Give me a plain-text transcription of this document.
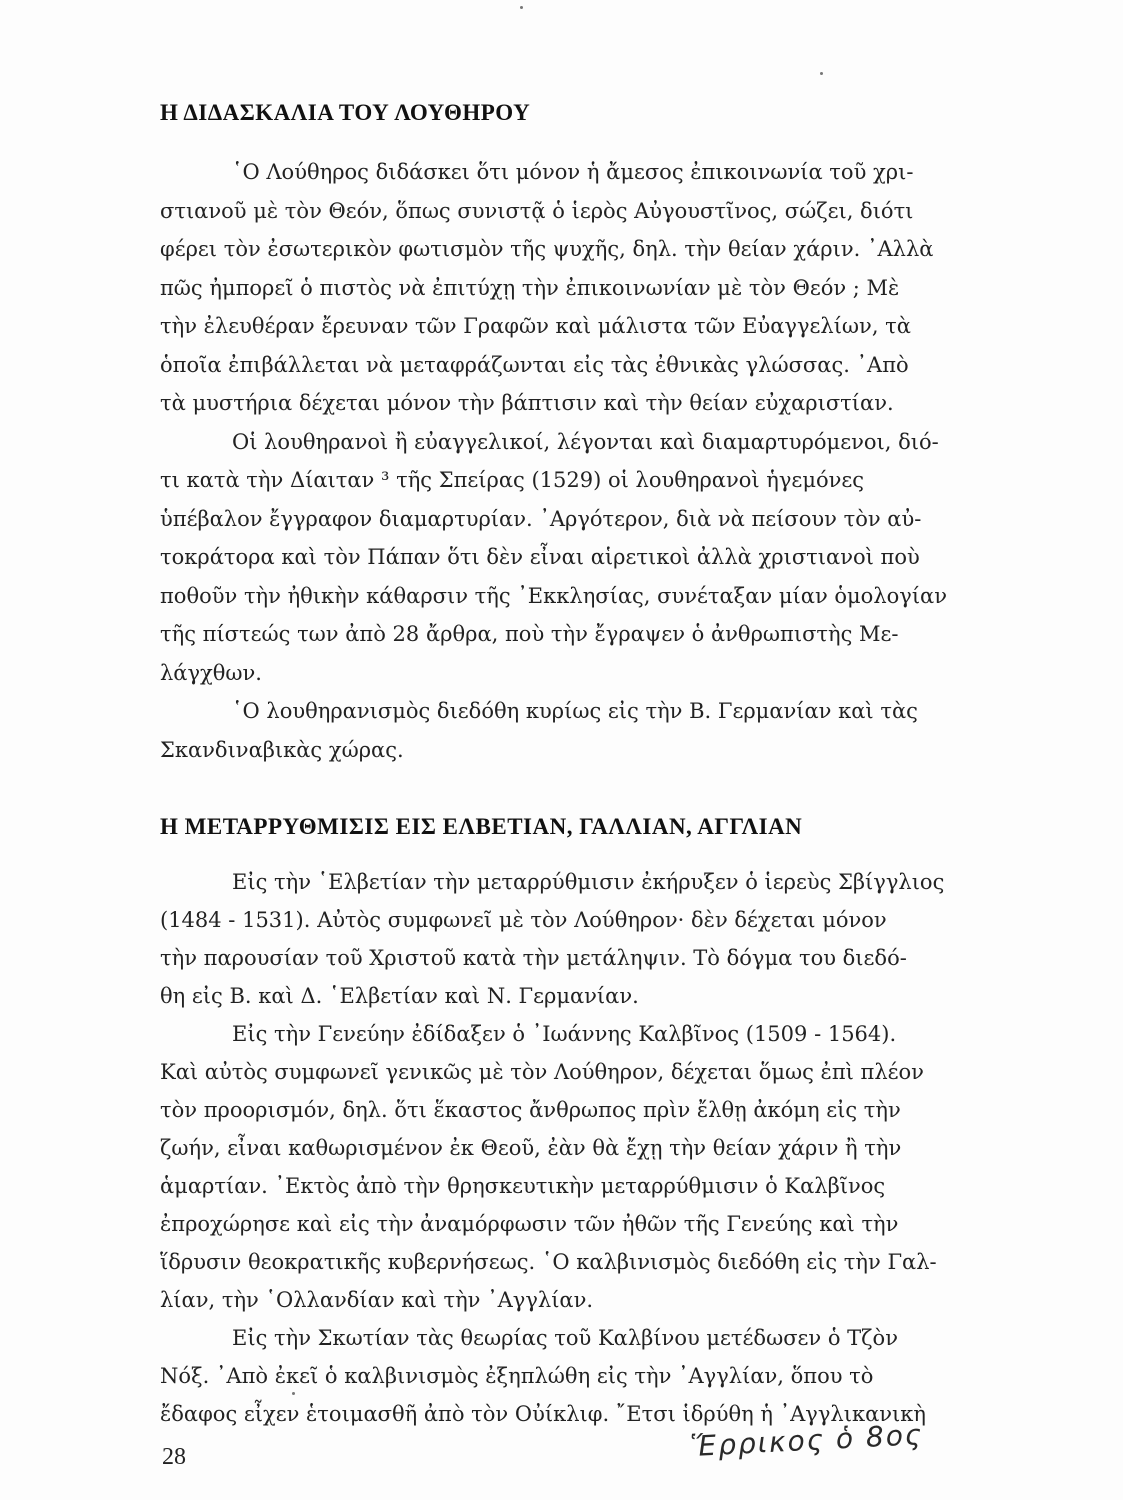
Η ΔΙΔΑΣΚΑΛΙΑ ΤΟΥ ΛΟΥΘΗΡΟΥ
῾Ο Λούθηρος διδάσκει ὅτι μόνον ἡ ἄμεσος ἐπικοινωνία τοῦ χρι-
στιανοῦ μὲ τὸν Θεόν, ὅπως συνιστᾷ ὁ ἱερὸς Αὐγουστῖνος, σώζει, διότι
φέρει τὸν ἐσωτερικὸν φωτισμὸν τῆς ψυχῆς, δηλ. τὴν θείαν χάριν. ᾿Αλλὰ
πῶς ἠμπορεῖ ὁ πιστὸς νὰ ἐπιτύχῃ τὴν ἐπικοινωνίαν μὲ τὸν Θεόν ; Μὲ
τὴν ἐλευθέραν ἔρευναν τῶν Γραφῶν καὶ μάλιστα τῶν Εὐαγγελίων, τὰ
ὁποῖα ἐπιβάλλεται νὰ μεταφράζωνται εἰς τὰς ἐθνικὰς γλώσσας. ᾿Απὸ
τὰ μυστήρια δέχεται μόνον τὴν βάπτισιν καὶ τὴν θείαν εὐχαριστίαν.
Οἱ λουθηρανοὶ ἢ εὐαγγελικοί, λέγονται καὶ διαμαρτυρόμενοι, διό-
τι κατὰ τὴν Δίαιταν ³ τῆς Σπείρας (1529) οἱ λουθηρανοὶ ἡγεμόνες
ὑπέβαλον ἔγγραφον διαμαρτυρίαν. ᾿Αργότερον, διὰ νὰ πείσουν τὸν αὐ-
τοκράτορα καὶ τὸν Πάπαν ὅτι δὲν εἶναι αἱρετικοὶ ἀλλὰ χριστιανοὶ ποὺ
ποθοῦν τὴν ἠθικὴν κάθαρσιν τῆς ᾿Εκκλησίας, συνέταξαν μίαν ὁμολογίαν
τῆς πίστεώς των ἀπὸ 28 ἄρθρα, ποὺ τὴν ἔγραψεν ὁ ἀνθρωπιστὴς Με-
λάγχθων.
῾Ο λουθηρανισμὸς διεδόθη κυρίως εἰς τὴν Β. Γερμανίαν καὶ τὰς
Σκανδιναβικὰς χώρας.
Η ΜΕΤΑΡΡΥΘΜΙΣΙΣ ΕΙΣ ΕΛΒΕΤΙΑΝ, ΓΑΛΛΙΑΝ, ΑΓΓΛΙΑΝ
Εἰς τὴν ῾Ελβετίαν τὴν μεταρρύθμισιν ἐκήρυξεν ὁ ἱερεὺς Σβίγγλιος
(1484 - 1531). Αὐτὸς συμφωνεῖ μὲ τὸν Λούθηρον· δὲν δέχεται μόνον
τὴν παρουσίαν τοῦ Χριστοῦ κατὰ τὴν μετάληψιν. Τὸ δόγμα του διεδό-
θη εἰς Β. καὶ Δ. ῾Ελβετίαν καὶ Ν. Γερμανίαν.
Εἰς τὴν Γενεύην ἐδίδαξεν ὁ ᾿Ιωάννης Καλβῖνος (1509 - 1564).
Καὶ αὐτὸς συμφωνεῖ γενικῶς μὲ τὸν Λούθηρον, δέχεται ὅμως ἐπὶ πλέον
τὸν προορισμόν, δηλ. ὅτι ἕκαστος ἄνθρωπος πρὶν ἔλθῃ ἀκόμη εἰς τὴν
ζωήν, εἶναι καθωρισμένον ἐκ Θεοῦ, ἐὰν θὰ ἔχῃ τὴν θείαν χάριν ἢ τὴν
ἁμαρτίαν. ᾿Εκτὸς ἀπὸ τὴν θρησκευτικὴν μεταρρύθμισιν ὁ Καλβῖνος
ἐπροχώρησε καὶ εἰς τὴν ἀναμόρφωσιν τῶν ἠθῶν τῆς Γενεύης καὶ τὴν
ἵδρυσιν θεοκρατικῆς κυβερνήσεως. ῾Ο καλβινισμὸς διεδόθη εἰς τὴν Γαλ-
λίαν, τὴν ῾Ολλανδίαν καὶ τὴν ᾿Αγγλίαν.
Εἰς τὴν Σκωτίαν τὰς θεωρίας τοῦ Καλβίνου μετέδωσεν ὁ Τζὸν
Νόξ. ᾿Απὸ ἐκεῖ ὁ καλβινισμὸς ἐξηπλώθη εἰς τὴν ᾿Αγγλίαν, ὅπου τὸ
ἔδαφος εἶχεν ἑτοιμασθῆ ἀπὸ τὸν Οὐίκλιφ. ῎Ετσι ἱδρύθη ἡ ᾿Αγγλικανικὴ
28	Ἕρρικος ὁ 8ος
